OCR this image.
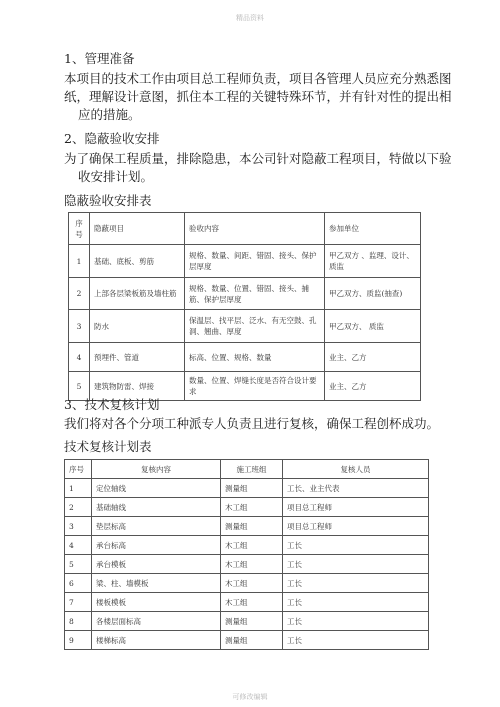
精品资料
1、管理准备
本项目的技术工作由项目总工程师负责，项目各管理人员应充分熟悉图
纸，理解设计意图，抓住本工程的关键特殊环节，并有针对性的提出相
应的措施。
2、隐蔽验收安排
为了确保工程质量，排除隐患，本公司针对隐蔽工程项目，特做以下验
收安排计划。
隐蔽验收安排表
序号	隐蔽项目	验收内容	参加单位
1	基础、底板、剪筋	规格、数量、间距、错固、接头、保护层厚度	甲乙双方 、监理、设计、质监
2	上部各层梁板筋及墙柱筋	规格、数量、位置、错固、接头、捕筋、保护层厚度	甲乙双方、质监(抽查)
3	防水	保温层、找平层、泛水、有无空鼓、孔洞、翘曲、厚度	甲乙双方、 质监
4	预埋件、管道	标高、位置、规格、数量	业主、乙方
5	建筑物防雷、焊接	数量、位置、焊缝长度是否符合设计要求	业主、乙方
3、技术复核计划
我们将对各个分项工种派专人负责且进行复核，确保工程创杯成功。
技术复核计划表
序号	复核内容	施工班组	复核人员
1	定位轴线	测量组	工长、业主代表
2	基础轴线	木工组	项目总工程师
3	垫层标高	测量组	项目总工程师
4	承台标高	木工组	工长
5	承台模板	木工组	工长
6	梁、柱、墙模板	木工组	工长
7	楼板模板	木工组	工长
8	各楼层面标高	测量组	工长
9	楼梯标高	测量组	工长
可修改编辑
